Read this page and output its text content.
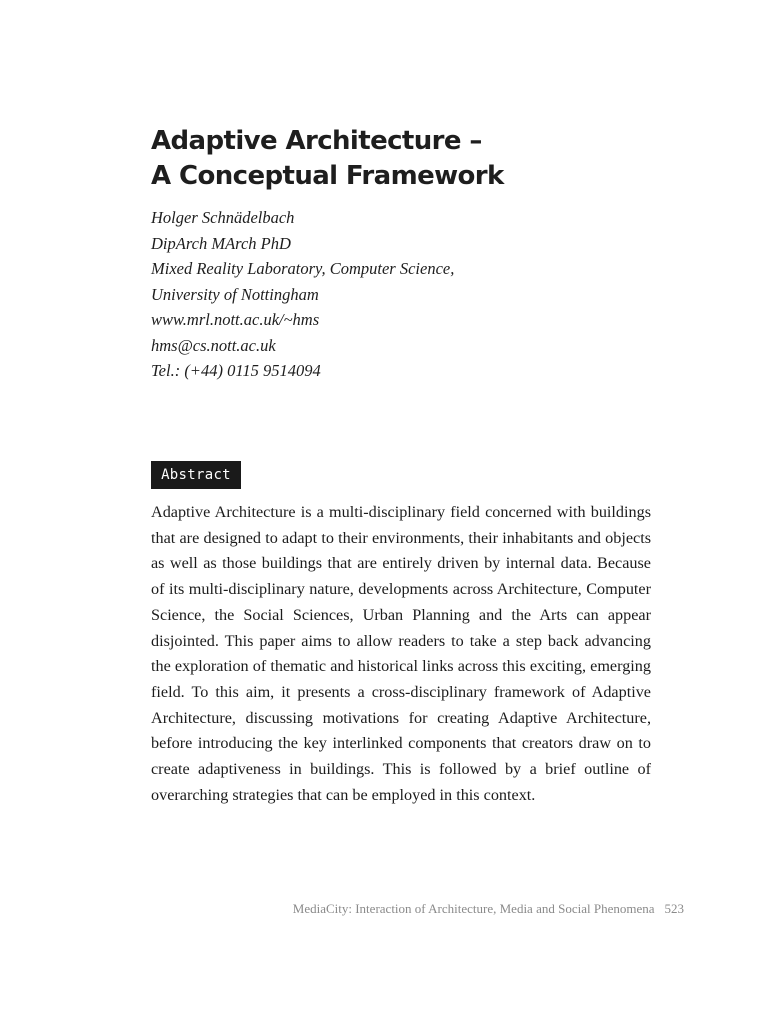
Adaptive Architecture –
A Conceptual Framework
Holger Schnädelbach
DipArch MArch PhD
Mixed Reality Laboratory, Computer Science,
University of Nottingham
www.mrl.nott.ac.uk/~hms
hms@cs.nott.ac.uk
Tel.: (+44) 0115 9514094
Abstract

Adaptive Architecture is a multi-disciplinary field concerned with buildings that are designed to adapt to their environments, their inhabitants and objects as well as those buildings that are entirely driven by internal data. Because of its multi-disciplinary nature, developments across Architecture, Computer Science, the Social Sciences, Urban Planning and the Arts can appear disjointed. This paper aims to allow readers to take a step back advancing the exploration of thematic and historical links across this exciting, emerging field. To this aim, it presents a cross-disciplinary framework of Adaptive Architecture, discussing motivations for creating Adaptive Architecture, before introducing the key interlinked components that creators draw on to create adaptiveness in buildings. This is followed by a brief outline of overarching strategies that can be employed in this context.

MediaCity: Interaction of Architecture, Media and Social Phenomena 523
